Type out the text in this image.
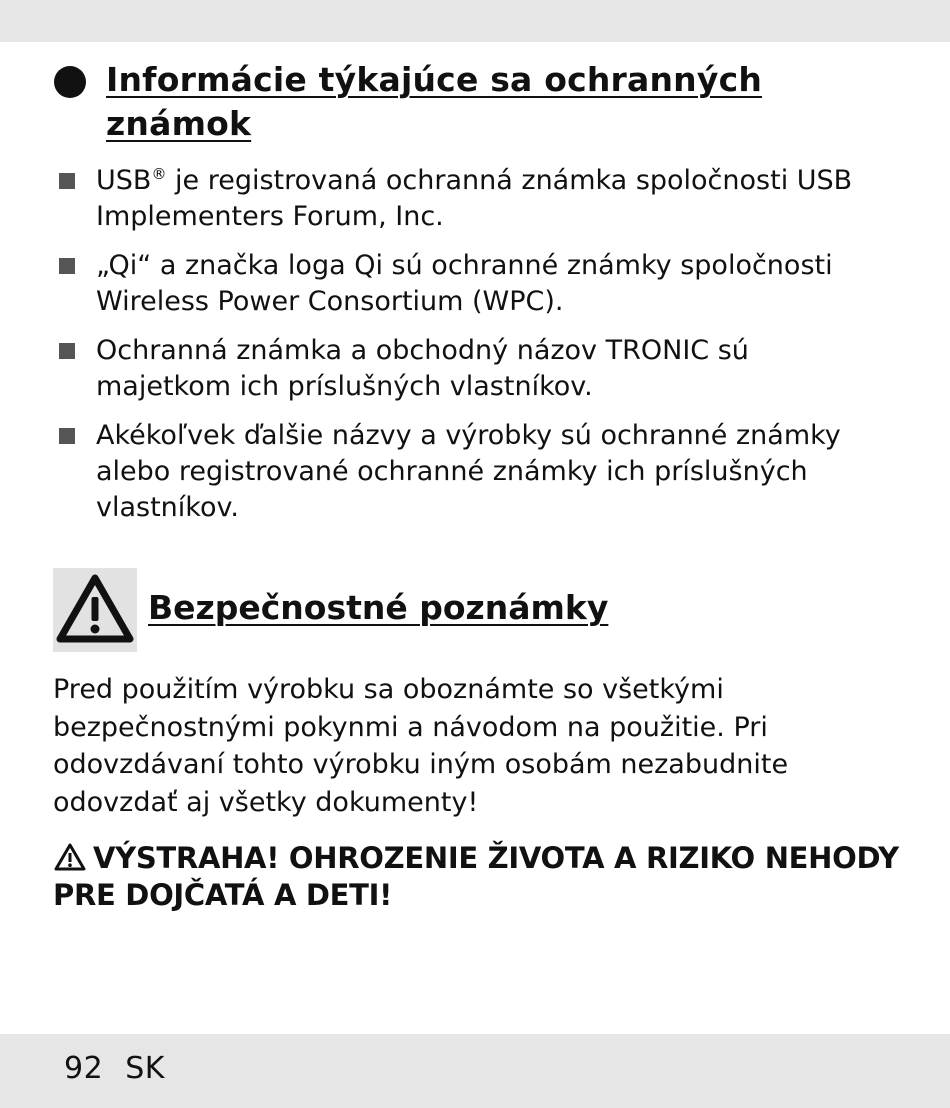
Informácie týkajúce sa ochranných známok
USB® je registrovaná ochranná známka spoločnosti USB Implementers Forum, Inc.
„Qi“ a značka loga Qi sú ochranné známky spoločnosti Wireless Power Consortium (WPC).
Ochranná známka a obchodný názov TRONIC sú majetkom ich príslušných vlastníkov.
Akékoľvek ďalšie názvy a výrobky sú ochranné známky alebo registrované ochranné známky ich príslušných vlastníkov.
Bezpečnostné poznámky

Pred použitím výrobku sa oboznámte so všetkými bezpečnostnými pokynmi a návodom na použitie. Pri odovzdávaní tohto výrobku iným osobám nezabudnite odovzdať aj všetky dokumenty!

VÝSTRAHA! OHROZENIE ŽIVOTA A RIZIKO NEHODY PRE DOJČATÁ A DETI!

92 SK
